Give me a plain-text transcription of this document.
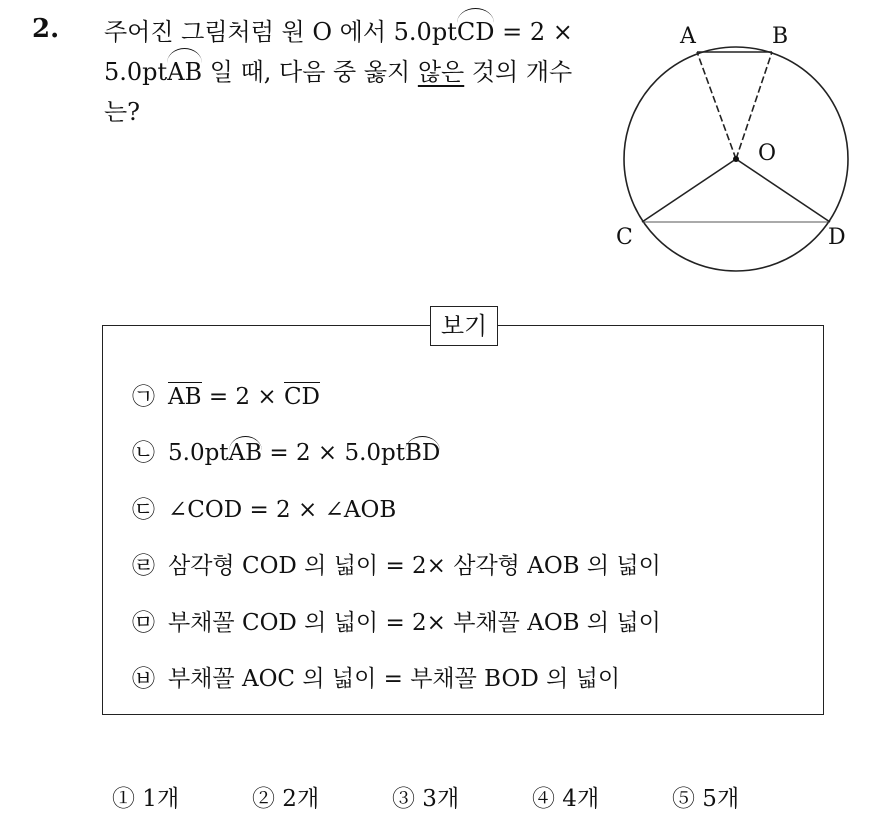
2. 주어진 그림처럼 원 O 에서 5.0ptCD = 2 ×
5.0ptAB 일 때, 다음 중 옳지 않은 것의 개수
는?
A	B
C	D
O
보기
㉠ AB = 2 × CD
㉡ 5.0ptAB = 2 × 5.0ptBD
㉢ ∠COD = 2 × ∠AOB
㉣ 삼각형 COD 의 넓이 = 2× 삼각형 AOB 의 넓이
㉤ 부채꼴 COD 의 넓이 = 2× 부채꼴 AOB 의 넓이
㉥ 부채꼴 AOC 의 넓이 = 부채꼴 BOD 의 넓이
① 1개	② 2개	③ 3개	④ 4개	⑤ 5개
